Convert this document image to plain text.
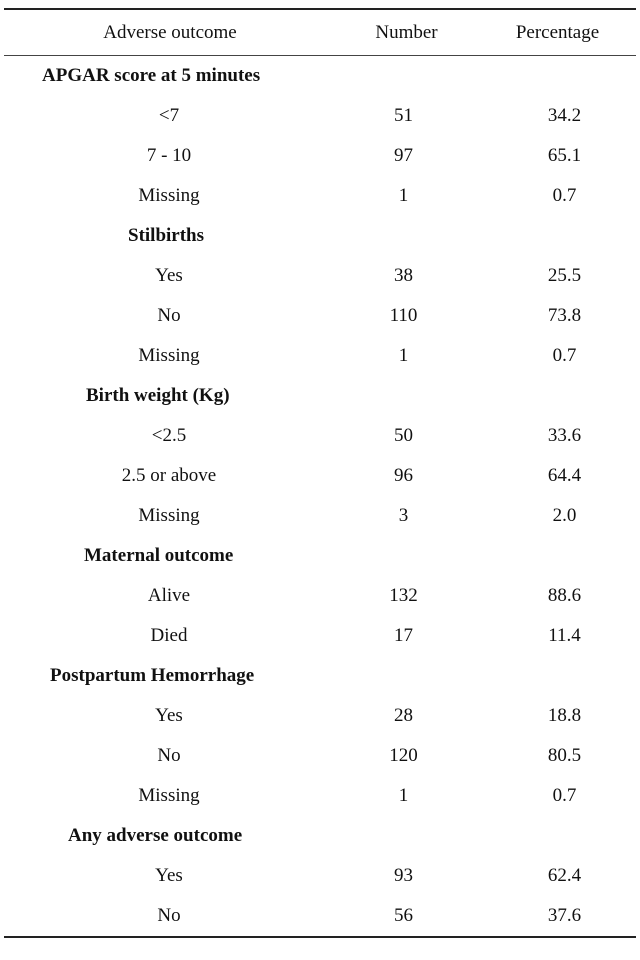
Adverse outcome	Number	Percentage

APGAR score at 5 minutes		
<7	51	34.2
7 - 10	97	65.1
Missing	1	0.7
Stilbirths		
Yes	38	25.5
No	110	73.8
Missing	1	0.7
Birth weight (Kg)		
<2.5	50	33.6
2.5 or above	96	64.4
Missing	3	2.0
Maternal outcome		
Alive	132	88.6
Died	17	11.4
Postpartum Hemorrhage		
Yes	28	18.8
No	120	80.5
Missing	1	0.7
Any adverse outcome		
Yes	93	62.4
No	56	37.6
